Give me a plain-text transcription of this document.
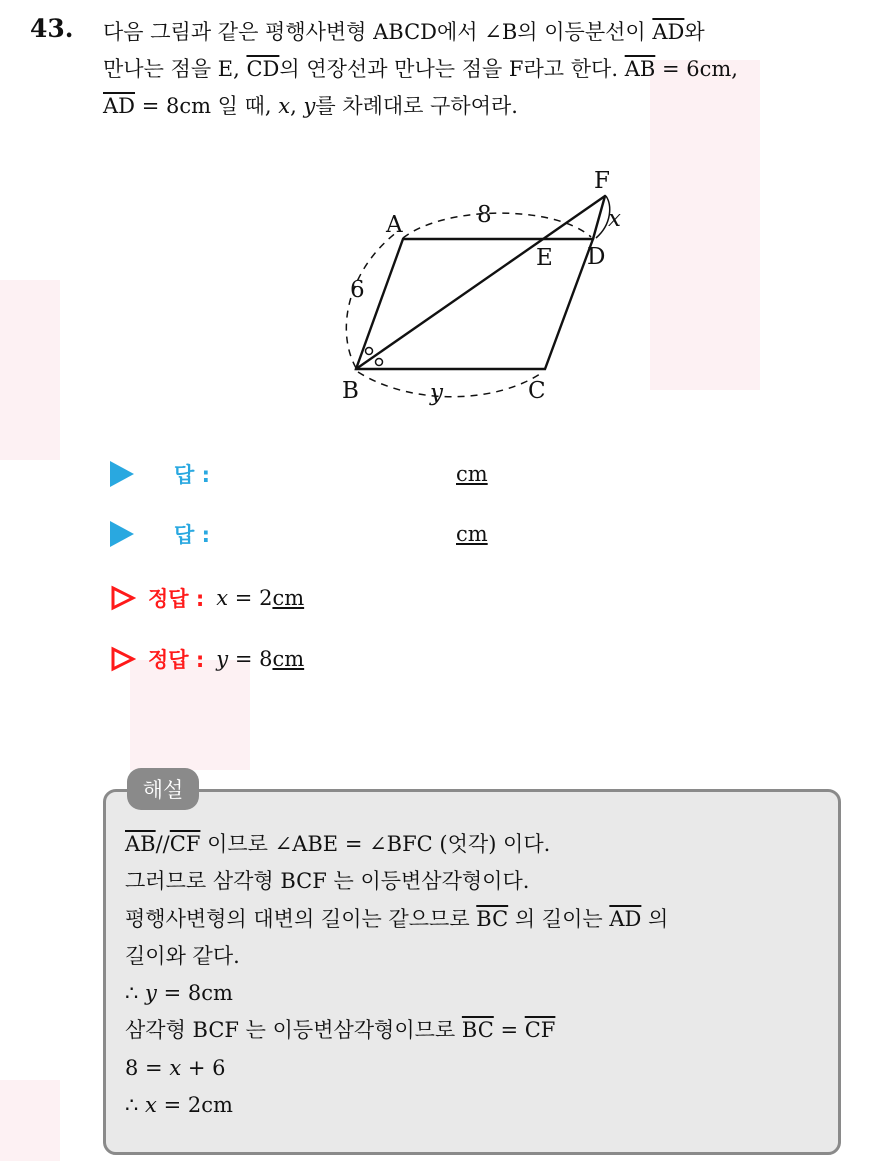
43. 다음 그림과 같은 평행사변형 ABCD에서 ∠B의 이등분선이 $\overline{AD}$와
만나는 점을 E, $\overline{CD}$의 연장선과 만나는 점을 F라고 한다. $\overline{AB} = 6cm$,
$\overline{AD} = 8cm$ 일 때, x, y를 차례대로 구하여라.
A
B	C
D
E
F
6
8	x
y
답 :	cm
답 :	cm
정답 : x = 2cm
정답 : y = 8cm
해설
$\overline{AB}//\overline{CF}$ 이므로 ∠ABE = ∠BFC (엇각) 이다.
그러므로 삼각형 BCF 는 이등변삼각형이다.
평행사변형의 대변의 길이는 같으므로 $\overline{BC}$ 의 길이는 $\overline{AD}$ 의
길이와 같다.
∴ y = 8cm
삼각형 BCF 는 이등변삼각형이므로 $\overline{BC} = \overline{CF}$
8 = x + 6
∴ x = 2cm
